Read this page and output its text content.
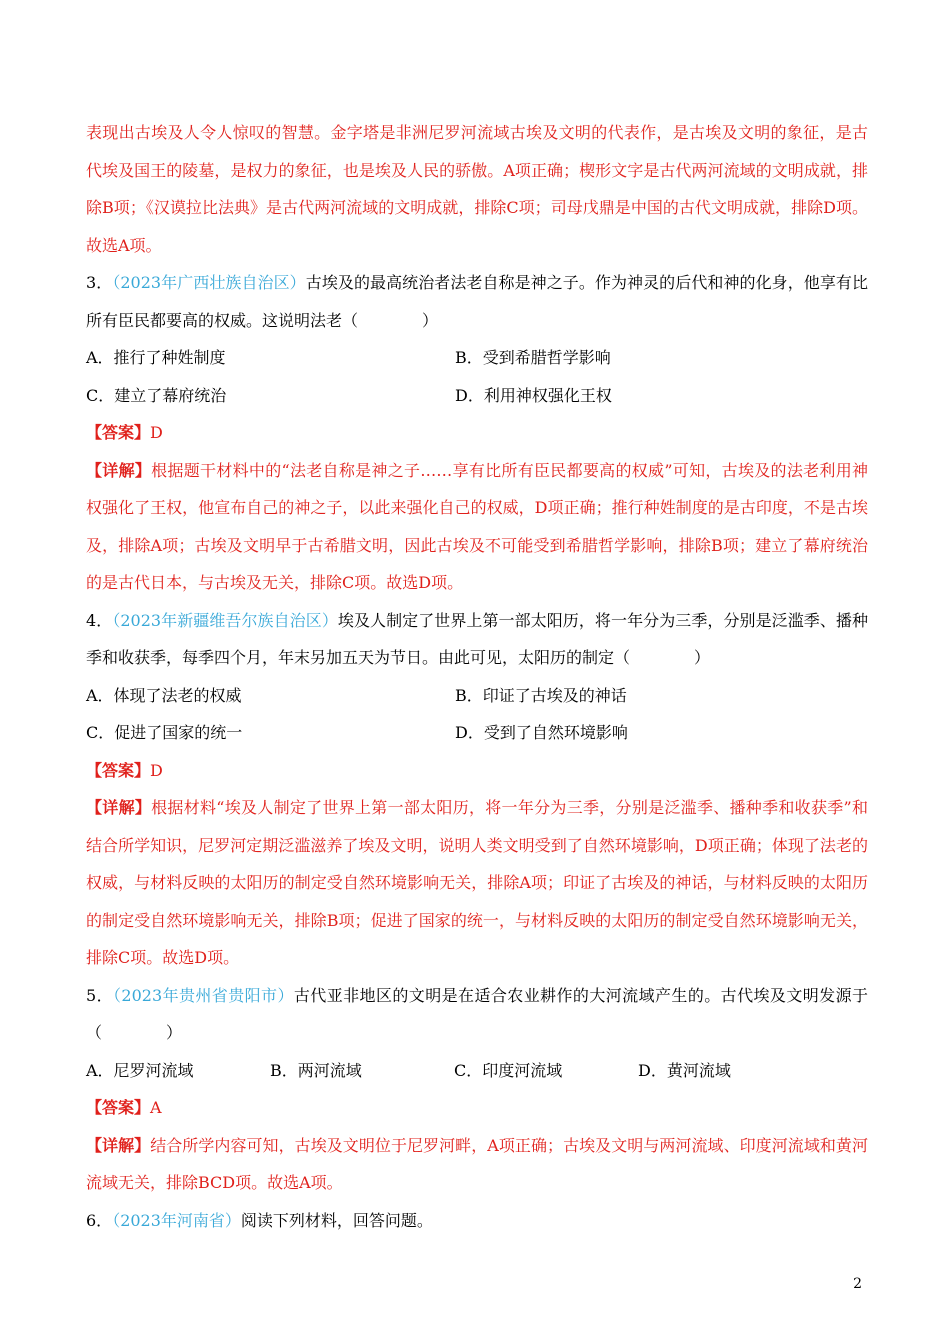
表现出古埃及人令人惊叹的智慧。金字塔是非洲尼罗河流域古埃及文明的代表作，是古埃及文明的象征，是古代埃及国王的陵墓，是权力的象征，也是埃及人民的骄傲。A项正确；楔形文字是古代两河流域的文明成就，排除B项；《汉谟拉比法典》是古代两河流域的文明成就，排除C项；司母戊鼎是中国的古代文明成就，排除D项。故选A项。

3．（2023年广西壮族自治区）古埃及的最高统治者法老自称是神之子。作为神灵的后代和神的化身，他享有比所有臣民都要高的权威。这说明法老（　　　　）

A．推行了种姓制度	B．受到希腊哲学影响
C．建立了幕府统治	D．利用神权强化王权

【答案】D

【详解】根据题干材料中的“法老自称是神之子……享有比所有臣民都要高的权威”可知，古埃及的法老利用神权强化了王权，他宣布自己的神之子，以此来强化自己的权威，D项正确；推行种姓制度的是古印度，不是古埃及，排除A项；古埃及文明早于古希腊文明，因此古埃及不可能受到希腊哲学影响，排除B项；建立了幕府统治的是古代日本，与古埃及无关，排除C项。故选D项。

4．（2023年新疆维吾尔族自治区）埃及人制定了世界上第一部太阳历，将一年分为三季，分别是泛滥季、播种季和收获季，每季四个月，年末另加五天为节日。由此可见，太阳历的制定（　　　　）

A．体现了法老的权威	B．印证了古埃及的神话
C．促进了国家的统一	D．受到了自然环境影响

【答案】D

【详解】根据材料“埃及人制定了世界上第一部太阳历，将一年分为三季，分别是泛滥季、播种季和收获季”和结合所学知识，尼罗河定期泛滥滋养了埃及文明，说明人类文明受到了自然环境影响，D项正确；体现了法老的权威，与材料反映的太阳历的制定受自然环境影响无关，排除A项；印证了古埃及的神话，与材料反映的太阳历的制定受自然环境影响无关，排除B项；促进了国家的统一，与材料反映的太阳历的制定受自然环境影响无关，排除C项。故选D项。

5．（2023年贵州省贵阳市）古代亚非地区的文明是在适合农业耕作的大河流域产生的。古代埃及文明发源于（　　　　）

A．尼罗河流域	B．两河流域	C．印度河流域	D．黄河流域

【答案】A

【详解】结合所学内容可知，古埃及文明位于尼罗河畔，A项正确；古埃及文明与两河流域、印度河流域和黄河流域无关，排除BCD项。故选A项。

6．（2023年河南省）阅读下列材料，回答问题。

2
